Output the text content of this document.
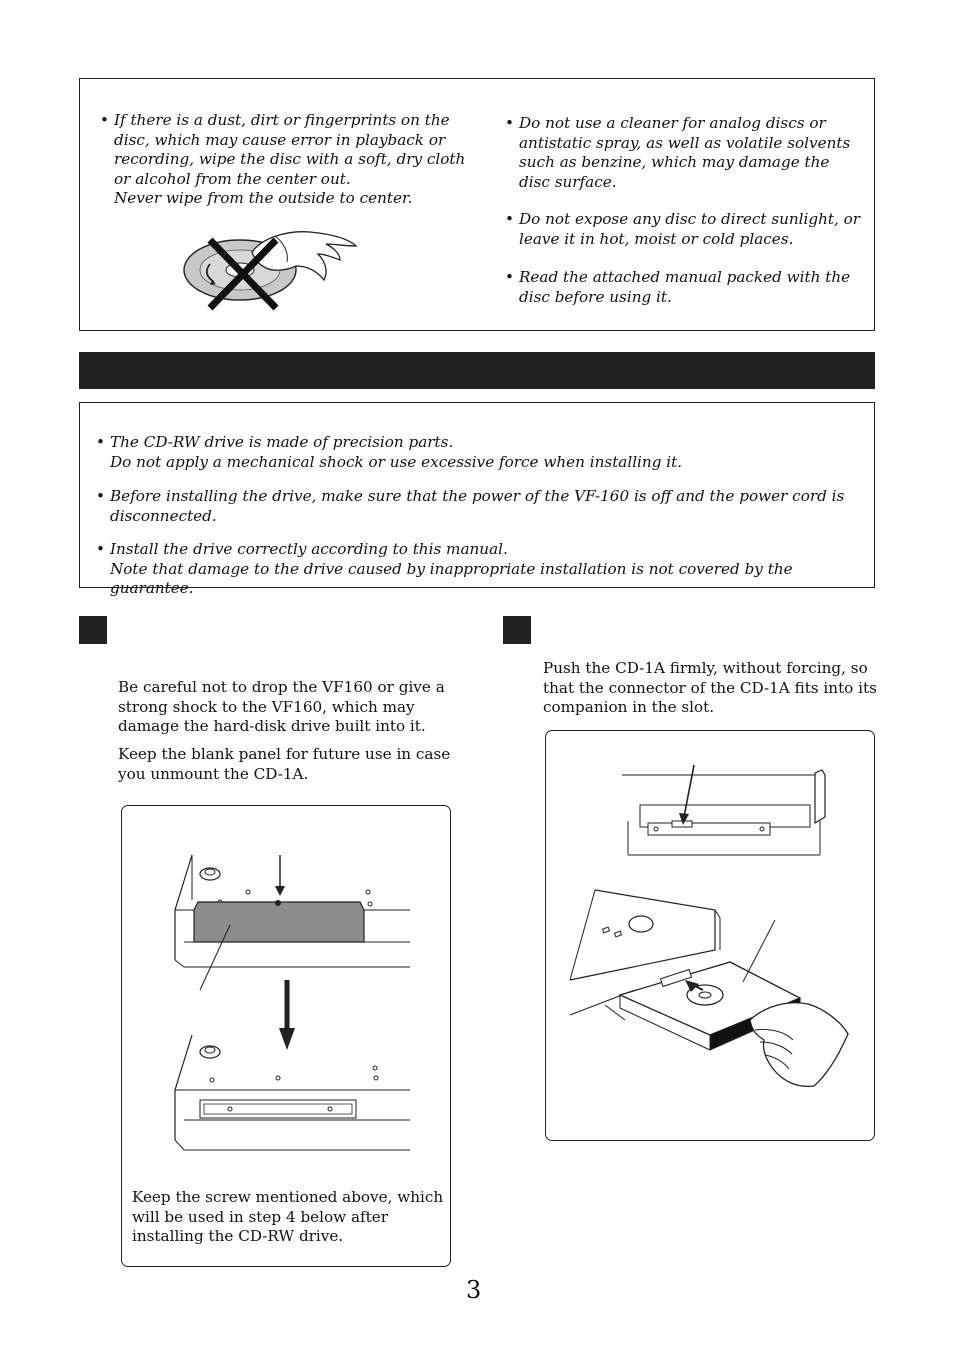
• If there is a dust, dirt or fingerprints on the disc, which may cause error in playback or recording, wipe the disc with a soft, dry cloth or alcohol from the center out.
Never wipe from the outside to center.
• Do not use a cleaner for analog discs or antistatic spray, as well as volatile solvents such as benzine, which may damage the disc surface.
• Do not expose any disc to direct sunlight, or leave it in hot, moist or cold places.
• Read the attached manual packed with the disc before using it.
• The CD-RW drive is made of precision parts.
Do not apply a mechanical shock or use excessive force when installing it.
• Before installing the drive, make sure that the power of the VF-160 is off and the power cord is
disconnected.
• Install the drive correctly according to this manual.
Note that damage to the drive caused by inappropriate installation is not covered by the guarantee.
Be careful not to drop the VF160 or give a strong shock to the VF160, which may damage the hard-disk drive built into it.
Keep the blank panel for future use in case you unmount the CD-1A.
Keep the screw mentioned above, which will be used in step 4 below after installing the CD-RW drive.
Push the CD-1A firmly, without forcing, so that the connector of the CD-1A fits into its companion in the slot.
3
